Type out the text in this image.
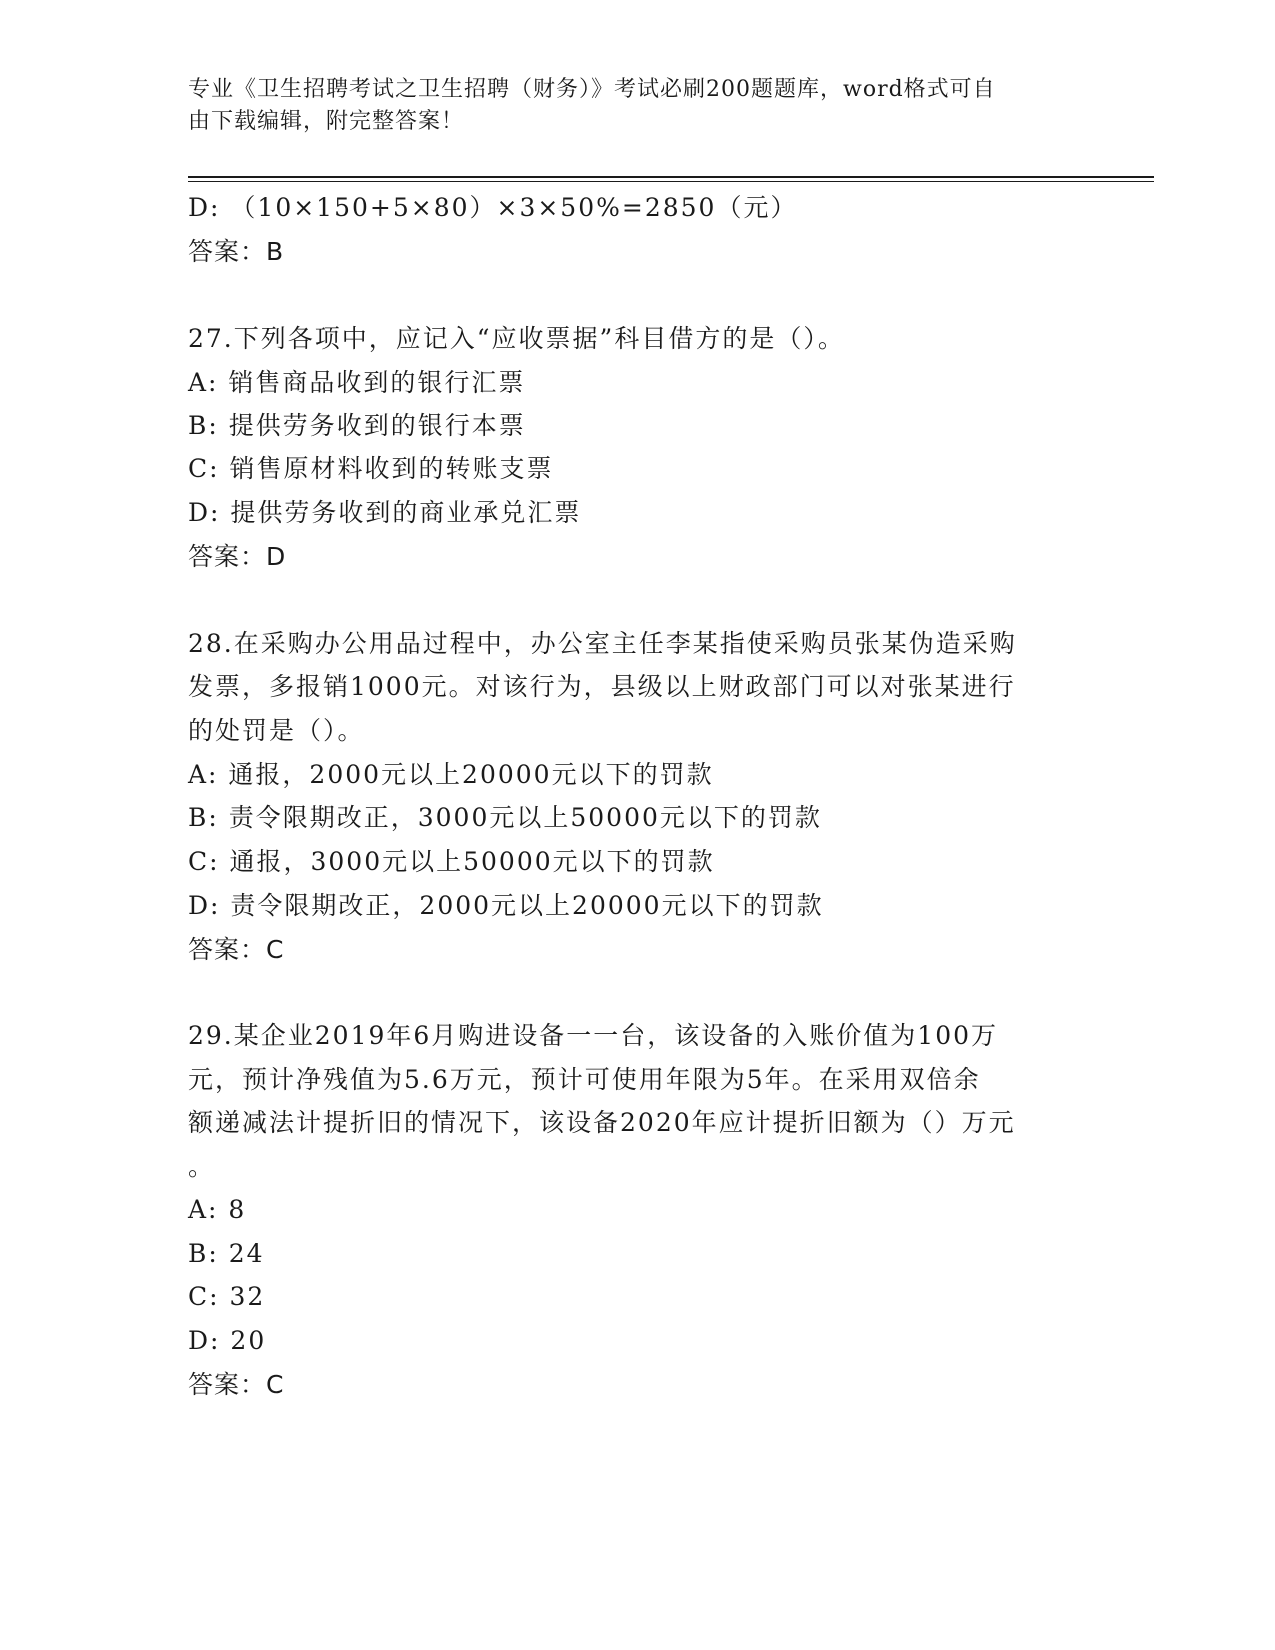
专业《卫生招聘考试之卫生招聘（财务）》考试必刷200题题库，word格式可自
由下载编辑，附完整答案！
D: （10×150+5×80）×3×50%=2850（元）
答案：B
27.下列各项中，应记入“应收票据”科目借方的是（）。
A: 销售商品收到的银行汇票
B: 提供劳务收到的银行本票
C: 销售原材料收到的转账支票
D: 提供劳务收到的商业承兑汇票
答案：D
28.在采购办公用品过程中，办公室主任李某指使采购员张某伪造采购
发票，多报销1000元。对该行为，县级以上财政部门可以对张某进行
的处罚是（）。
A: 通报，2000元以上20000元以下的罚款
B: 责令限期改正，3000元以上50000元以下的罚款
C: 通报，3000元以上50000元以下的罚款
D: 责令限期改正，2000元以上20000元以下的罚款
答案：C
29.某企业2019年6月购进设备一一台，该设备的入账价值为100万
元，预计净残值为5.6万元，预计可使用年限为5年。在采用双倍余
额递减法计提折旧的情况下，该设备2020年应计提折旧额为（）万元
。
A: 8
B: 24
C: 32
D: 20
答案：C
